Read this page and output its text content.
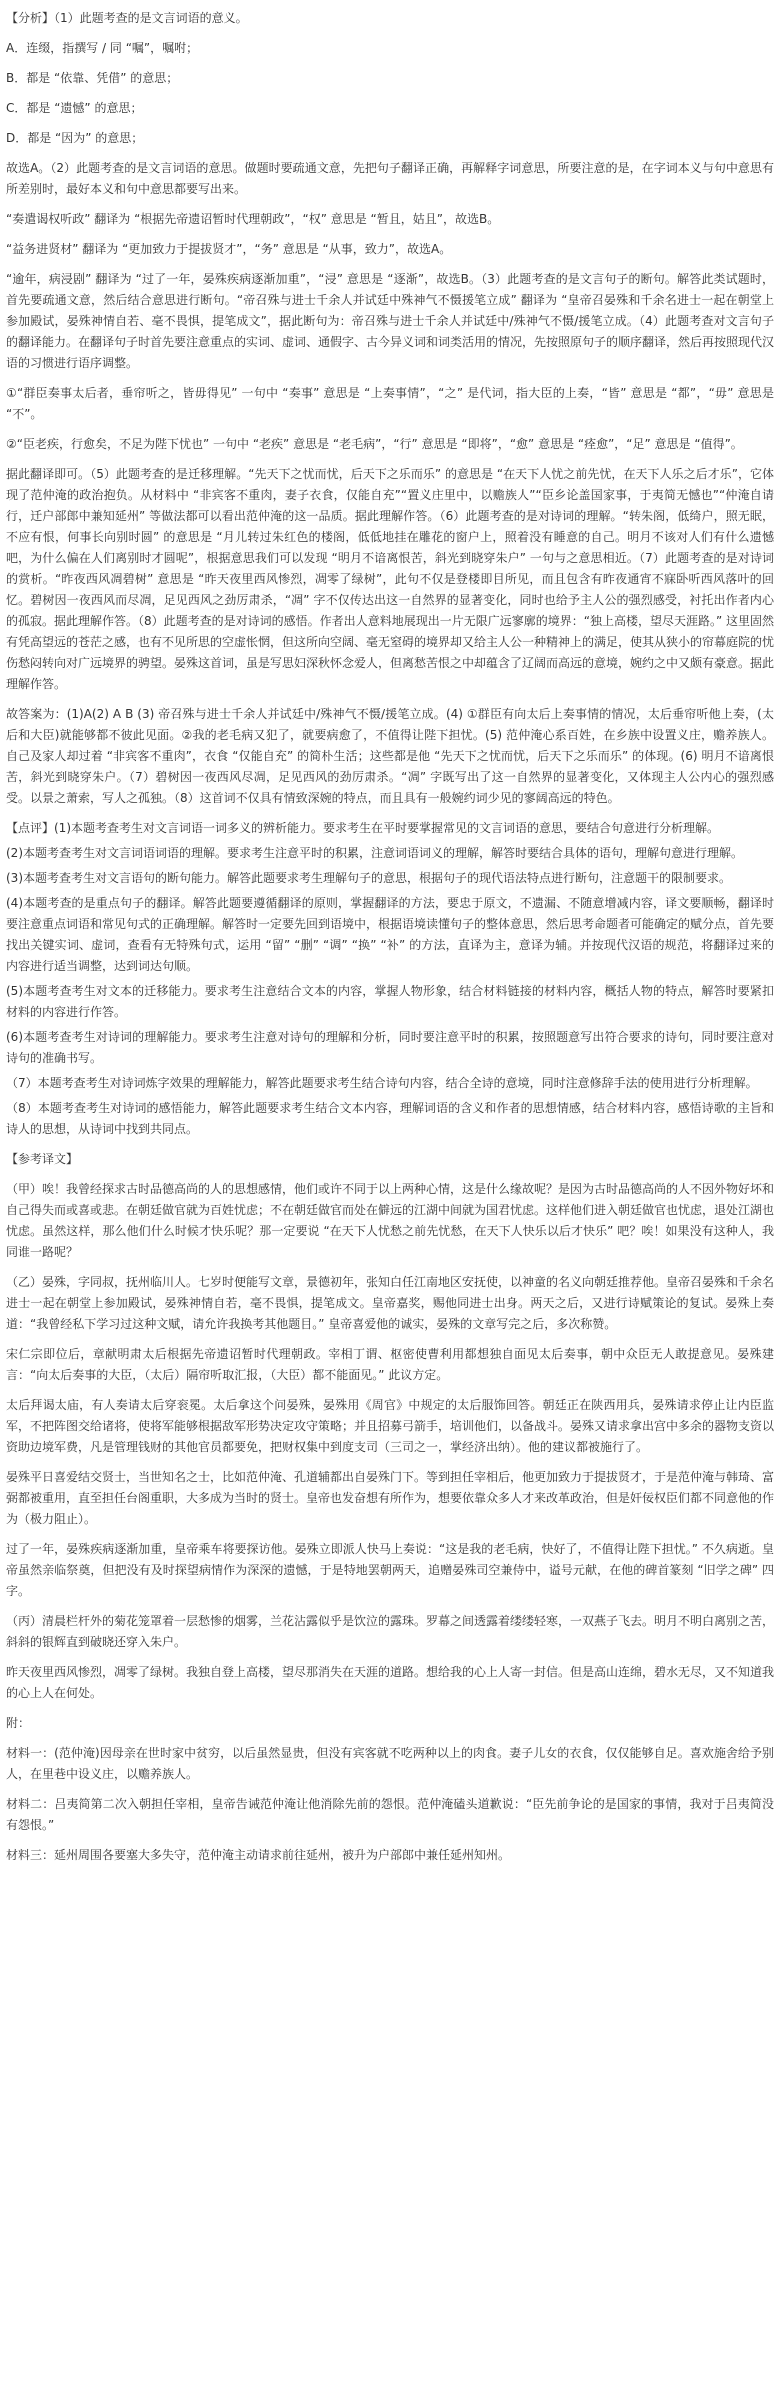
【分析】（1）此题考查的是文言词语的意义。

A．连缀，指撰写 / 同 “嘱”，嘱咐；

B．都是 “依靠、凭借” 的意思；

C．都是 “遗憾” 的意思；

D．都是 “因为” 的意思；

故选A。（2）此题考查的是文言词语的意思。做题时要疏通文意，先把句子翻译正确，再解释字词意思，所要注意的是，在字词本义与句中意思有所差别时，最好本义和句中意思都要写出来。

“奏遣谒权听政” 翻译为 “根据先帝遗诏暂时代理朝政”，“权” 意思是 “暂且，姑且”，故选B。

“益务进贤材” 翻译为 “更加致力于提拔贤才”，“务” 意思是 “从事，致力”，故选A。

“逾年，病浸剧” 翻译为 “过了一年，晏殊疾病逐渐加重”，“浸” 意思是 “逐渐”，故选B。（3）此题考查的是文言句子的断句。解答此类试题时，首先要疏通文意，然后结合意思进行断句。“帝召殊与进士千余人并试廷中殊神气不慑援笔立成” 翻译为 “皇帝召晏殊和千余名进士一起在朝堂上参加殿试，晏殊神情自若、毫不畏惧，提笔成文”，据此断句为：帝召殊与进士千余人并试廷中/殊神气不慑/援笔立成。（4）此题考查对文言句子的翻译能力。在翻译句子时首先要注意重点的实词、虚词、通假字、古今异义词和词类活用的情况，先按照原句子的顺序翻译，然后再按照现代汉语的习惯进行语序调整。

①“群臣奏事太后者，垂帘听之，皆毋得见” 一句中 “奏事” 意思是 “上奏事情”，“之” 是代词，指大臣的上奏，“皆” 意思是 “都”，“毋” 意思是 “不”。

②“臣老疾，行愈矣，不足为陛下忧也” 一句中 “老疾” 意思是 “老毛病”，“行” 意思是 “即将”，“愈” 意思是 “痊愈”，“足” 意思是 “值得”。

据此翻译即可。（5）此题考查的是迁移理解。“先天下之忧而忧，后天下之乐而乐” 的意思是 “在天下人忧之前先忧，在天下人乐之后才乐”，它体现了范仲淹的政治抱负。从材料中 “非宾客不重肉，妻子衣食，仅能自充”“置义庄里中，以赡族人”“臣乡论盖国家事，于夷简无憾也”“仲淹自请行，迁户部郎中兼知延州” 等做法都可以看出范仲淹的这一品质。据此理解作答。（6）此题考查的是对诗词的理解。“转朱阁，低绮户，照无眠，不应有恨，何事长向别时圆” 的意思是 “月儿转过朱红色的楼阁，低低地挂在雕花的窗户上，照着没有睡意的自己。明月不该对人们有什么遗憾吧，为什么偏在人们离别时才圆呢”，根据意思我们可以发现 “明月不谙离恨苦，斜光到晓穿朱户” 一句与之意思相近。（7）此题考查的是对诗词的赏析。“昨夜西风凋碧树” 意思是 “昨天夜里西风惨烈，凋零了绿树”，此句不仅是登楼即目所见，而且包含有昨夜通宵不寐卧听西风落叶的回忆。碧树因一夜西风而尽凋，足见西风之劲厉肃杀，“凋” 字不仅传达出这一自然界的显著变化，同时也给予主人公的强烈感受，衬托出作者内心的孤寂。据此理解作答。（8）此题考查的是对诗词的感悟。作者出人意料地展现出一片无限广远寥廓的境界：“独上高楼，望尽天涯路。” 这里固然有凭高望远的苍茫之感，也有不见所思的空虚怅惘，但这所向空阔、毫无窒碍的境界却又给主人公一种精神上的满足，使其从狭小的帘幕庭院的忧伤愁闷转向对广远境界的骋望。晏殊这首词，虽是写思妇深秋怀念爱人，但离愁苦恨之中却蕴含了辽阔而高远的意境，婉约之中又颇有豪意。据此理解作答。

故答案为：(1)A(2) A B (3) 帝召殊与进士千余人并试廷中/殊神气不慑/援笔立成。(4) ①群臣有向太后上奏事情的情况，太后垂帘听他上奏，(太后和大臣)就能够都不彼此见面。②我的老毛病又犯了，就要病愈了，不值得让陛下担忧。(5) 范仲淹心系百姓，在乡族中设置义庄，赡养族人。自己及家人却过着 “非宾客不重肉”，衣食 “仅能自充” 的简朴生活；这些都是他 “先天下之忧而忧，后天下之乐而乐” 的体现。(6) 明月不谙离恨苦，斜光到晓穿朱户。（7）碧树因一夜西风尽凋，足见西风的劲厉肃杀。“凋” 字既写出了这一自然界的显著变化，又体现主人公内心的强烈感受。以景之萧索，写人之孤独。（8）这首词不仅具有情致深婉的特点，而且具有一般婉约词少见的寥阔高远的特色。

【点评】(1)本题考查考生对文言词语一词多义的辨析能力。要求考生在平时要掌握常见的文言词语的意思，要结合句意进行分析理解。

(2)本题考查考生对文言词语词语的理解。要求考生注意平时的积累，注意词语词义的理解，解答时要结合具体的语句，理解句意进行理解。

(3)本题考查考生对文言语句的断句能力。解答此题要求考生理解句子的意思，根据句子的现代语法特点进行断句，注意题干的限制要求。

(4)本题考查的是重点句子的翻译。解答此题要遵循翻译的原则，掌握翻译的方法，要忠于原文，不遗漏、不随意增减内容，译文要顺畅，翻译时要注意重点词语和常见句式的正确理解。解答时一定要先回到语境中，根据语境读懂句子的整体意思，然后思考命题者可能确定的赋分点，首先要找出关键实词、虚词，查看有无特殊句式，运用 “留” “删” “调” “换” “补” 的方法，直译为主，意译为辅。并按现代汉语的规范，将翻译过来的内容进行适当调整，达到词达句顺。

(5)本题考查考生对文本的迁移能力。要求考生注意结合文本的内容，掌握人物形象，结合材料链接的材料内容，概括人物的特点，解答时要紧扣材料的内容进行作答。

(6)本题考查考生对诗词的理解能力。要求考生注意对诗句的理解和分析，同时要注意平时的积累，按照题意写出符合要求的诗句，同时要注意对诗句的准确书写。

（7）本题考查考生对诗词炼字效果的理解能力，解答此题要求考生结合诗句内容，结合全诗的意境，同时注意修辞手法的使用进行分析理解。

（8）本题考查考生对诗词的感悟能力，解答此题要求考生结合文本内容，理解词语的含义和作者的思想情感，结合材料内容，感悟诗歌的主旨和诗人的思想，从诗词中找到共同点。

【参考译文】

（甲）唉！我曾经探求古时品德高尚的人的思想感情，他们或许不同于以上两种心情，这是什么缘故呢？是因为古时品德高尚的人不因外物好坏和自己得失而或喜或悲。在朝廷做官就为百姓忧虑；不在朝廷做官而处在僻远的江湖中间就为国君忧虑。这样他们进入朝廷做官也忧虑，退处江湖也忧虑。虽然这样，那么他们什么时候才快乐呢？那一定要说 “在天下人忧愁之前先忧愁，在天下人快乐以后才快乐” 吧？唉！如果没有这种人，我同谁一路呢？

（乙）晏殊，字同叔，抚州临川人。七岁时便能写文章，景德初年，张知白任江南地区安抚使，以神童的名义向朝廷推荐他。皇帝召晏殊和千余名进士一起在朝堂上参加殿试，晏殊神情自若，毫不畏惧，提笔成文。皇帝嘉奖，赐他同进士出身。两天之后，又进行诗赋策论的复试。晏殊上奏道：“我曾经私下学习过这种文赋，请允许我换考其他题目。” 皇帝喜爱他的诚实，晏殊的文章写完之后，多次称赞。

宋仁宗即位后，章献明肃太后根据先帝遗诏暂时代理朝政。宰相丁谓、枢密使曹利用都想独自面见太后奏事，朝中众臣无人敢提意见。晏殊建言：“向太后奏事的大臣，（太后）隔帘听取汇报，（大臣）都不能面见。” 此议方定。

太后拜谒太庙，有人奏请太后穿衮冕。太后拿这个问晏殊，晏殊用《周官》中规定的太后服饰回答。朝廷正在陕西用兵，晏殊请求停止让内臣监军，不把阵图交给诸将，使将军能够根据敌军形势决定攻守策略；并且招募弓箭手，培训他们，以备战斗。晏殊又请求拿出宫中多余的器物支资以资助边境军费，凡是管理钱财的其他官员都要免，把财权集中到度支司（三司之一，掌经济出纳）。他的建议都被施行了。

晏殊平日喜爱结交贤士，当世知名之士，比如范仲淹、孔道辅都出自晏殊门下。等到担任宰相后，他更加致力于提拔贤才，于是范仲淹与韩琦、富弼都被重用，直至担任台阁重职，大多成为当时的贤士。皇帝也发奋想有所作为，想要依靠众多人才来改革政治，但是奸佞权臣们都不同意他的作为（极力阻止）。

过了一年，晏殊疾病逐渐加重，皇帝乘车将要探访他。晏殊立即派人快马上奏说：“这是我的老毛病，快好了，不值得让陛下担忧。” 不久病逝。皇帝虽然亲临祭奠，但把没有及时探望病情作为深深的遗憾，于是特地罢朝两天，追赠晏殊司空兼侍中，谥号元献，在他的碑首篆刻 “旧学之碑” 四字。

（丙）清晨栏杆外的菊花笼罩着一层愁惨的烟雾，兰花沾露似乎是饮泣的露珠。罗幕之间透露着缕缕轻寒，一双燕子飞去。明月不明白离别之苦，斜斜的银辉直到破晓还穿入朱户。

昨天夜里西风惨烈，凋零了绿树。我独自登上高楼，望尽那消失在天涯的道路。想给我的心上人寄一封信。但是高山连绵，碧水无尽，又不知道我的心上人在何处。

附：

材料一：(范仲淹)因母亲在世时家中贫穷，以后虽然显贵，但没有宾客就不吃两种以上的肉食。妻子儿女的衣食，仅仅能够自足。喜欢施舍给予别人，在里巷中设义庄，以赡养族人。

材料二：吕夷简第二次入朝担任宰相，皇帝告诫范仲淹让他消除先前的怨恨。范仲淹磕头道歉说：“臣先前争论的是国家的事情，我对于吕夷简没有怨恨。”

材料三：延州周围各要塞大多失守，范仲淹主动请求前往延州，被升为户部郎中兼任延州知州。
